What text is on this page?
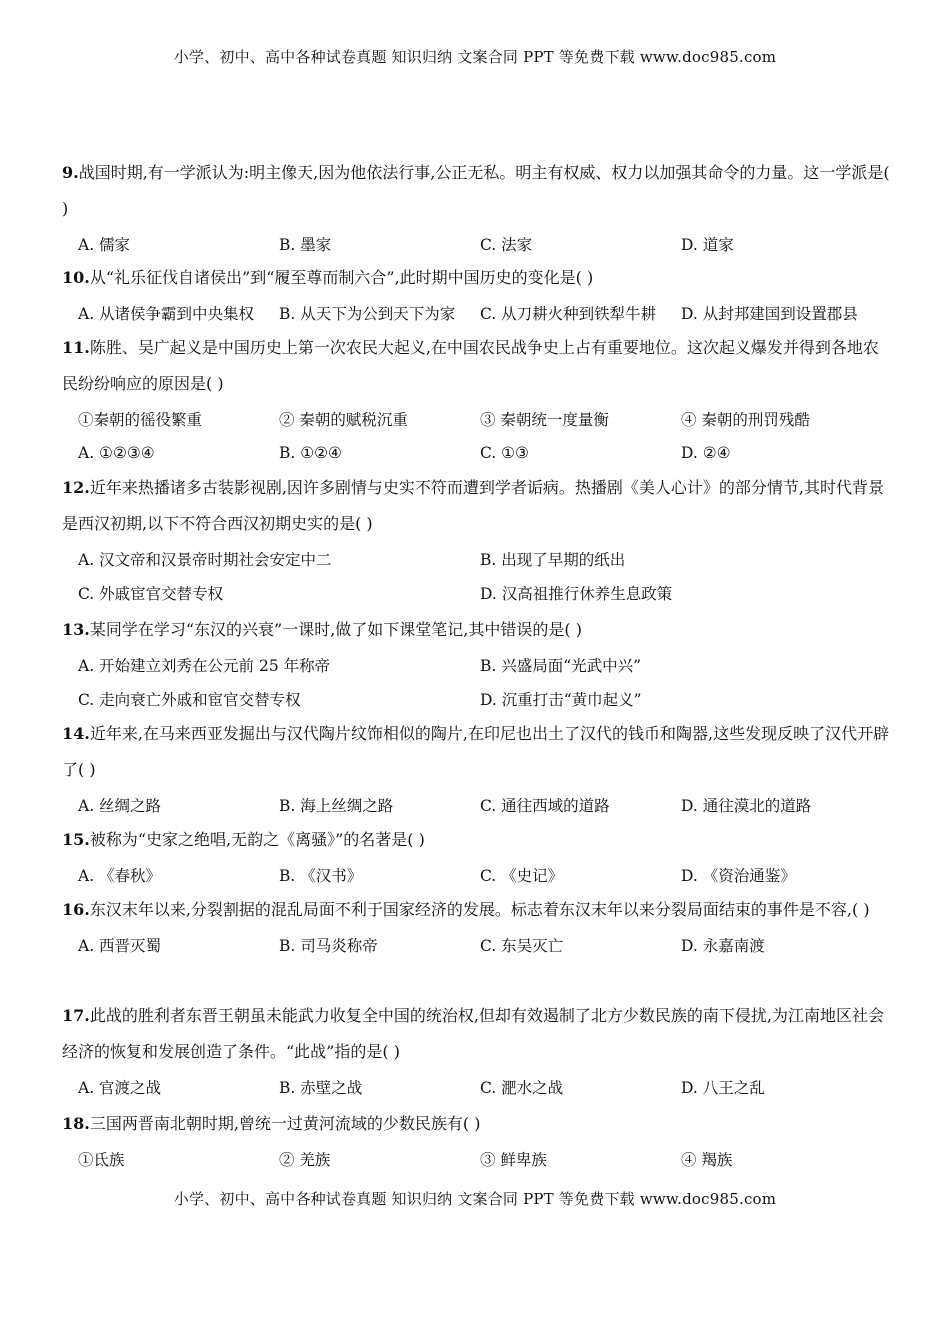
小学、初中、高中各种试卷真题 知识归纳 文案合同 PPT 等免费下载 www.doc985.com

9.战国时期,有一学派认为:明主像天,因为他依法行事,公正无私。明主有权威、权力以加强其命令的力量。这一学派是( )

A. 儒家	B. 墨家	C. 法家	D. 道家

10.从“礼乐征伐自诸侯出”到“履至尊而制六合”,此时期中国历史的变化是( )

A. 从诸侯争霸到中央集权	B. 从天下为公到天下为家	C. 从刀耕火种到铁犁牛耕	D. 从封邦建国到设置郡县

11.陈胜、吴广起义是中国历史上第一次农民大起义,在中国农民战争史上占有重要地位。这次起义爆发并得到各地农民纷纷响应的原因是( )

①秦朝的徭役繁重	② 秦朝的赋税沉重	③ 秦朝统一度量衡	④ 秦朝的刑罚残酷
A. ①②③④	B. ①②④	C. ①③	D. ②④

12.近年来热播诸多古装影视剧,因许多剧情与史实不符而遭到学者诟病。热播剧《美人心计》的部分情节,其时代背景是西汉初期,以下不符合西汉初期史实的是( )

A. 汉文帝和汉景帝时期社会安定中二	B. 出现了早期的纸出
C. 外戚宦官交替专权	D. 汉高祖推行休养生息政策

13.某同学在学习“东汉的兴衰”一课时,做了如下课堂笔记,其中错误的是( )

A. 开始建立刘秀在公元前 25 年称帝	B. 兴盛局面“光武中兴”
C. 走向衰亡外戚和宦官交替专权	D. 沉重打击“黄巾起义”

14.近年来,在马来西亚发掘出与汉代陶片纹饰相似的陶片,在印尼也出土了汉代的钱币和陶器,这些发现反映了汉代开辟了( )

A. 丝绸之路	B. 海上丝绸之路	C. 通往西域的道路	D. 通往漠北的道路

15.被称为“史家之绝唱,无韵之《离骚》”的名著是( )

A. 《春秋》	B. 《汉书》	C. 《史记》	D. 《资治通鉴》

16.东汉末年以来,分裂割据的混乱局面不利于国家经济的发展。标志着东汉末年以来分裂局面结束的事件是不容,( )

A. 西晋灭蜀	B. 司马炎称帝	C. 东吴灭亡	D. 永嘉南渡

17.此战的胜利者东晋王朝虽未能武力收复全中国的统治权,但却有效遏制了北方少数民族的南下侵扰,为江南地区社会经济的恢复和发展创造了条件。“此战”指的是( )

A. 官渡之战	B. 赤壁之战	C. 淝水之战	D. 八王之乱

18.三国两晋南北朝时期,曾统一过黄河流域的少数民族有( )

①氐族	② 羌族	③ 鲜卑族	④ 羯族
小学、初中、高中各种试卷真题 知识归纳 文案合同 PPT 等免费下载 www.doc985.com
